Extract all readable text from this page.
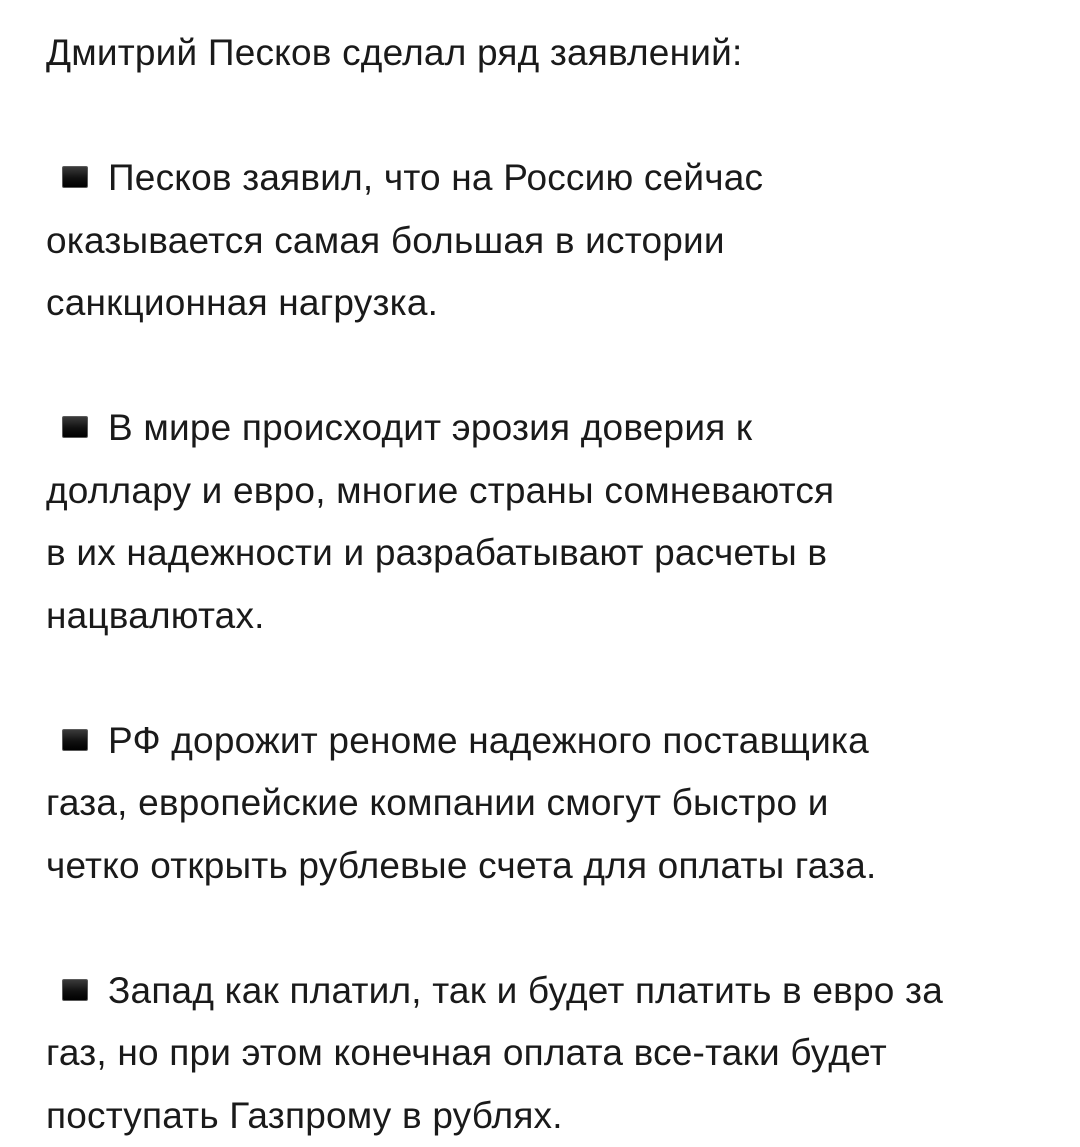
Дмитрий Песков сделал ряд заявлений:
Песков заявил, что на Россию сейчас
оказывается самая большая в истории
санкционная нагрузка.
В мире происходит эрозия доверия к
доллару и евро, многие страны сомневаются
в их надежности и разрабатывают расчеты в
нацвалютах.
РФ дорожит реноме надежного поставщика
газа, европейские компании смогут быстро и
четко открыть рублевые счета для оплаты газа.
Запад как платил, так и будет платить в евро за
газ, но при этом конечная оплата все-таки будет
поступать Газпрому в рублях.
